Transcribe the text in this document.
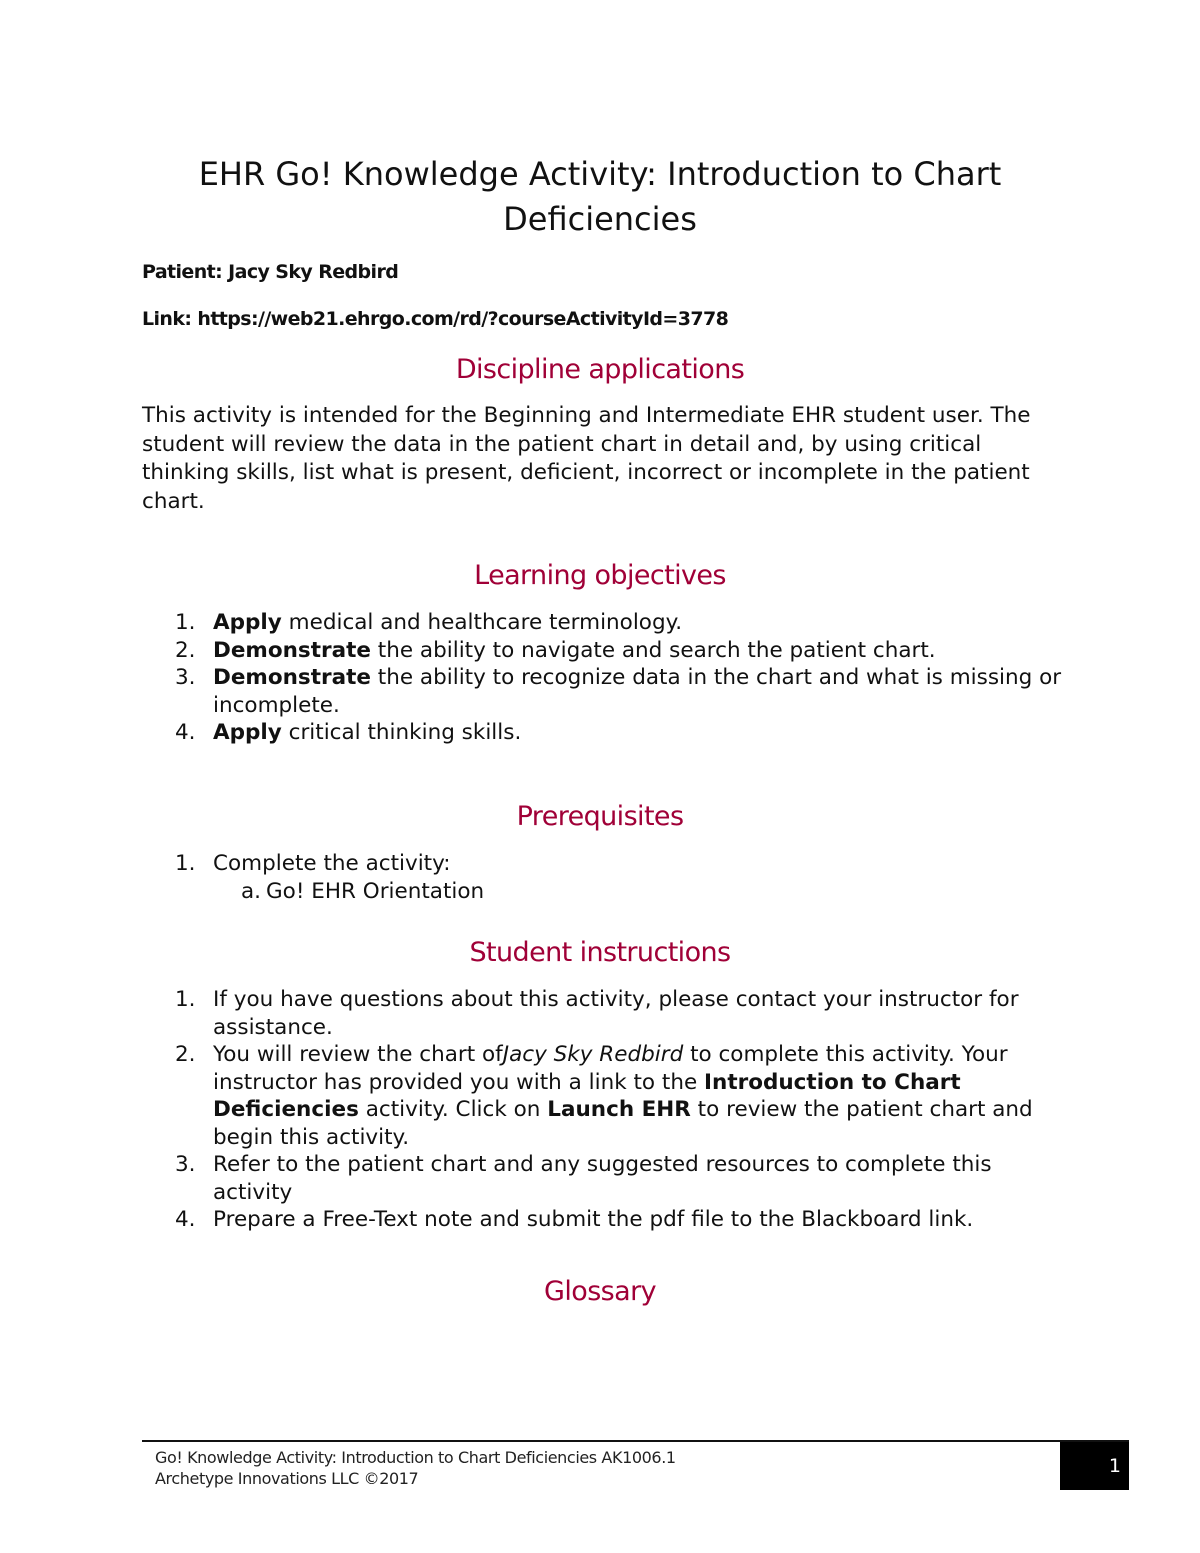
EHR Go! Knowledge Activity: Introduction to Chart
Deficiencies
Patient: Jacy Sky Redbird
Link: https://web21.ehrgo.com/rd/?courseActivityId=3778
Discipline applications

This activity is intended for the Beginning and Intermediate EHR student user. The student will review the data in the patient chart in detail and, by using critical thinking skills, list what is present, deficient, incorrect or incomplete in the patient chart.

Learning objectives
1. Apply medical and healthcare terminology.
2. Demonstrate the ability to navigate and search the patient chart.
3. Demonstrate the ability to recognize data in the chart and what is missing or incomplete.
4. Apply critical thinking skills.
Prerequisites
1. Complete the activity:
a. Go! EHR Orientation
Student instructions
1. If you have questions about this activity, please contact your instructor for assistance.
2. You will review the chart ofJacy Sky Redbird to complete this activity. Your instructor has provided you with a link to the Introduction to Chart Deficiencies activity. Click on Launch EHR to review the patient chart and begin this activity.
3. Refer to the patient chart and any suggested resources to complete this activity
4. Prepare a Free-Text note and submit the pdf file to the Blackboard link.
Glossary
Go! Knowledge Activity: Introduction to Chart Deficiencies AK1006.1
Archetype Innovations LLC ©2017
1
